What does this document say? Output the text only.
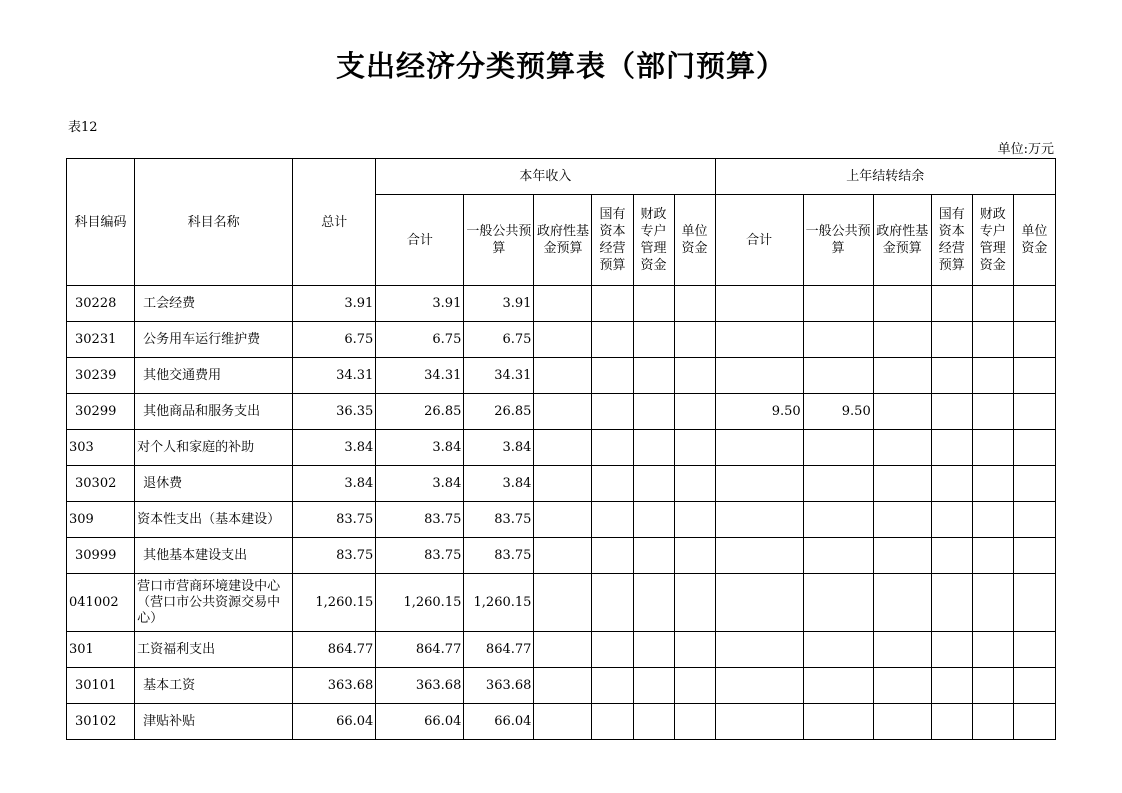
支出经济分类预算表（部门预算）
表12
单位:万元
科目编码	科目名称	总计	本年收入						上年结转结余					
			合计	一般公共预算	政府性基金预算	国有资本经营预算	财政专户管理资金	单位资金	合计	一般公共预算	政府性基金预算	国有资本经营预算	财政专户管理资金	单位资金
30228	工会经费	3.91	3.91	3.91										
30231	公务用车运行维护费	6.75	6.75	6.75										
30239	其他交通费用	34.31	34.31	34.31										
30299	其他商品和服务支出	36.35	26.85	26.85					9.50	9.50				
303	对个人和家庭的补助	3.84	3.84	3.84										
30302	退休费	3.84	3.84	3.84										
309	资本性支出（基本建设）	83.75	83.75	83.75										
30999	其他基本建设支出	83.75	83.75	83.75										
041002	营口市营商环境建设中心（营口市公共资源交易中心）	1,260.15	1,260.15	1,260.15										
301	工资福利支出	864.77	864.77	864.77										
30101	基本工资	363.68	363.68	363.68										
30102	津贴补贴	66.04	66.04	66.04										
